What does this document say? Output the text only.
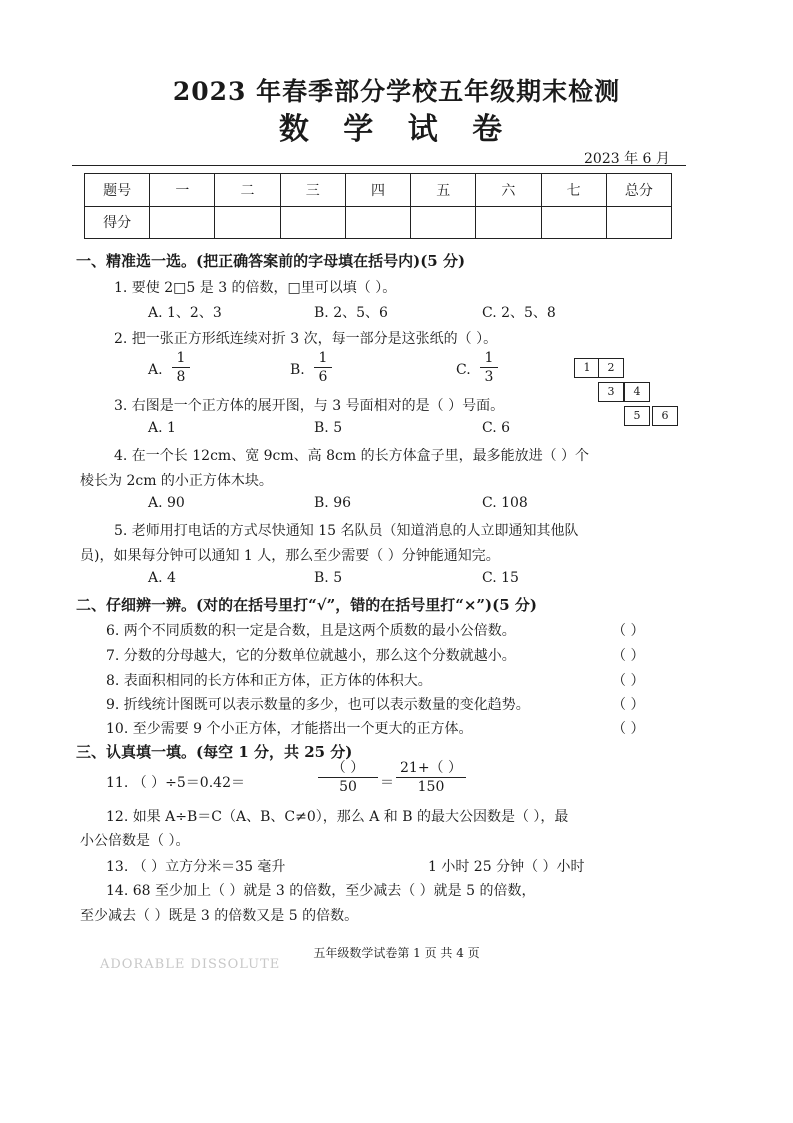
2023 年春季部分学校五年级期末检测
数 学 试 卷
2023 年 6 月
题号	一	二	三	四	五	六	七	总分
得分								
一、精准选一选。(把正确答案前的字母填在括号内)(5 分)
1. 要使 2□5 是 3 的倍数，□里可以填（ ）。
A. 1、2、3	B. 2、5、6	C. 2、5、8
2. 把一张正方形纸连续对折 3 次，每一部分是这张纸的（ ）。
A.
1
8	B.
1
6	C.
1
3
1	2
3	4
5	6
3. 右图是一个正方体的展开图，与 3 号面相对的是（ ）号面。
A. 1	B. 5	C. 6
4. 在一个长 12cm、宽 9cm、高 8cm 的长方体盒子里，最多能放进（ ）个
棱长为 2cm 的小正方体木块。
A. 90	B. 96	C. 108
5. 老师用打电话的方式尽快通知 15 名队员（知道消息的人立即通知其他队
员)，如果每分钟可以通知 1 人，那么至少需要（ ）分钟能通知完。
A. 4	B. 5	C. 15
二、仔细辨一辨。(对的在括号里打“√”，错的在括号里打“×”)(5 分)
6. 两个不同质数的积一定是合数，且是这两个质数的最小公倍数。	（ ）
7. 分数的分母越大，它的分数单位就越小，那么这个分数就越小。	（ ）
8. 表面积相同的长方体和正方体，正方体的体积大。	（ ）
9. 折线统计图既可以表示数量的多少，也可以表示数量的变化趋势。	（ ）
10. 至少需要 9 个小正方体，才能搭出一个更大的正方体。	（ ）
三、认真填一填。(每空 1 分，共 25 分)
11. （ ）÷5＝0.42＝
（ ）
50	＝
21+（ ）
150
12. 如果 A÷B＝C（A、B、C≠0），那么 A 和 B 的最大公因数是（ ），最
小公倍数是（ ）。
13. （ ）立方分米＝35 毫升	1 小时 25 分钟（ ）小时
14. 68 至少加上（ ）就是 3 的倍数，至少减去（ ）就是 5 的倍数，
至少减去（ ）既是 3 的倍数又是 5 的倍数。
五年级数学试卷第 1 页 共 4 页
ADORABLE DISSOLUTE
